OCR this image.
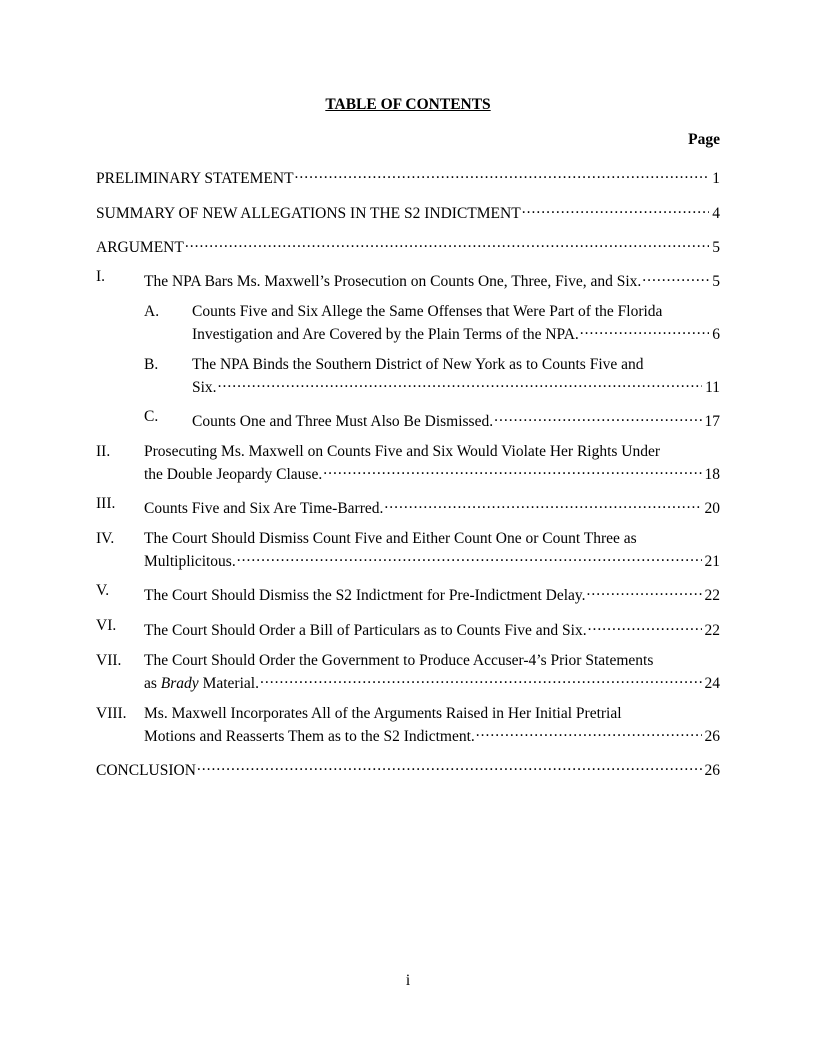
TABLE OF CONTENTS
Page
PRELIMINARY STATEMENT .....	1
SUMMARY OF NEW ALLEGATIONS IN THE S2 INDICTMENT .....	4
ARGUMENT .....	5
I.	The NPA Bars Ms. Maxwell’s Prosecution on Counts One, Three, Five, and Six. .....	5
A. Counts Five and Six Allege the Same Offenses that Were Part of the Florida
Investigation and Are Covered by the Plain Terms of the NPA. .....	6
B. The NPA Binds the Southern District of New York as to Counts Five and
Six. .....	11
C. Counts One and Three Must Also Be Dismissed. .....	17
II. Prosecuting Ms. Maxwell on Counts Five and Six Would Violate Her Rights Under
the Double Jeopardy Clause. .....	18
III. Counts Five and Six Are Time-Barred. .....	20
IV. The Court Should Dismiss Count Five and Either Count One or Count Three as
Multiplicitous. .....	21
V. The Court Should Dismiss the S2 Indictment for Pre-Indictment Delay. .....	22
VI. The Court Should Order a Bill of Particulars as to Counts Five and Six. .....	22
VII. The Court Should Order the Government to Produce Accuser-4’s Prior Statements
as Brady Material. .....	24
VIII. Ms. Maxwell Incorporates All of the Arguments Raised in Her Initial Pretrial
Motions and Reasserts Them as to the S2 Indictment. .....	26
CONCLUSION .....	26
i
